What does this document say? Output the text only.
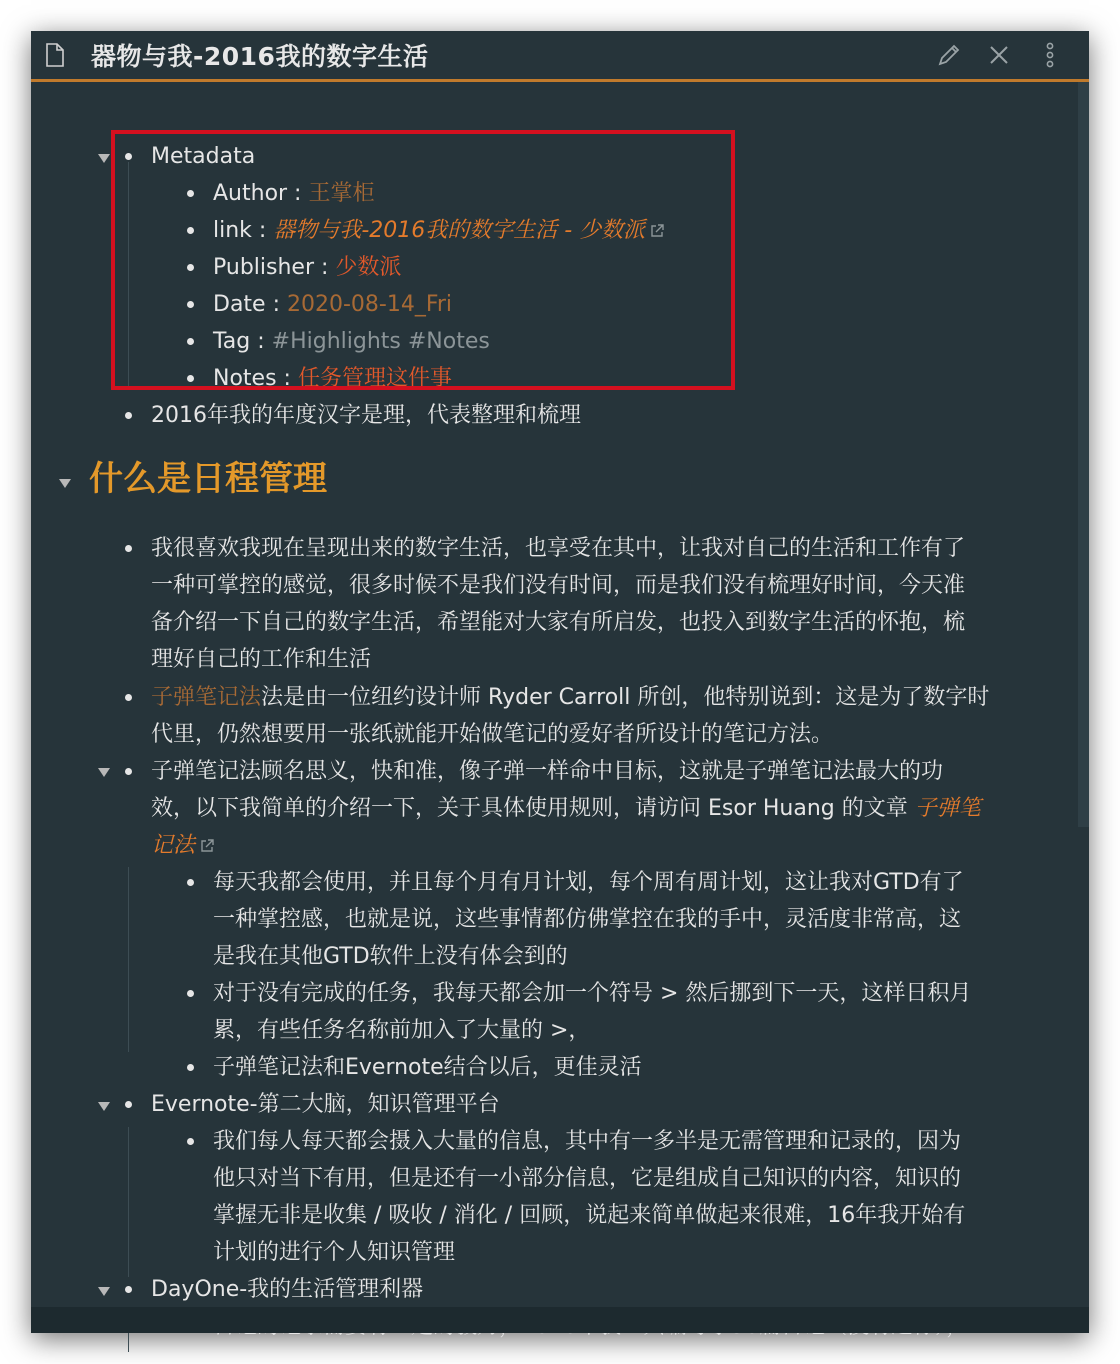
器物与我-2016我的数字生活
Metadata
Author : 王掌柜
link : 器物与我-2016我的数字生活 - 少数派
Publisher : 少数派
Date : 2020-08-14_Fri
Tag : #Highlights #Notes
Notes : 任务管理这件事
2016年我的年度汉字是理，代表整理和梳理
什么是日程管理
我很喜欢我现在呈现出来的数字生活，也享受在其中，让我对自己的生活和工作有了
一种可掌控的感觉，很多时候不是我们没有时间，而是我们没有梳理好时间，今天准
备介绍一下自己的数字生活，希望能对大家有所启发，也投入到数字生活的怀抱，梳
理好自己的工作和生活
子弹笔记法法是由一位纽约设计师 Ryder Carroll 所创，他特别说到：这是为了数字时
代里，仍然想要用一张纸就能开始做笔记的爱好者所设计的笔记方法。
子弹笔记法顾名思义，快和准，像子弹一样命中目标，这就是子弹笔记法最大的功
效，以下我简单的介绍一下，关于具体使用规则，请访问 Esor Huang 的文章 子弹笔
记法
每天我都会使用，并且每个月有月计划，每个周有周计划，这让我对GTD有了
一种掌控感，也就是说，这些事情都仿佛掌控在我的手中，灵活度非常高，这
是我在其他GTD软件上没有体会到的
对于没有完成的任务，我每天都会加一个符号 > 然后挪到下一天，这样日积月
累，有些任务名称前加入了大量的 >，
子弹笔记法和Evernote结合以后，更佳灵活
Evernote-第二大脑，知识管理平台
我们每人每天都会摄入大量的信息，其中有一多半是无需管理和记录的，因为
他只对当下有用，但是还有一小部分信息，它是组成自己知识的内容，知识的
掌握无非是收集 / 吸收 / 消化 / 回顾，说起来简单做起来很难，16年我开始有
计划的进行个人知识管理
DayOne-我的生活管理利器
